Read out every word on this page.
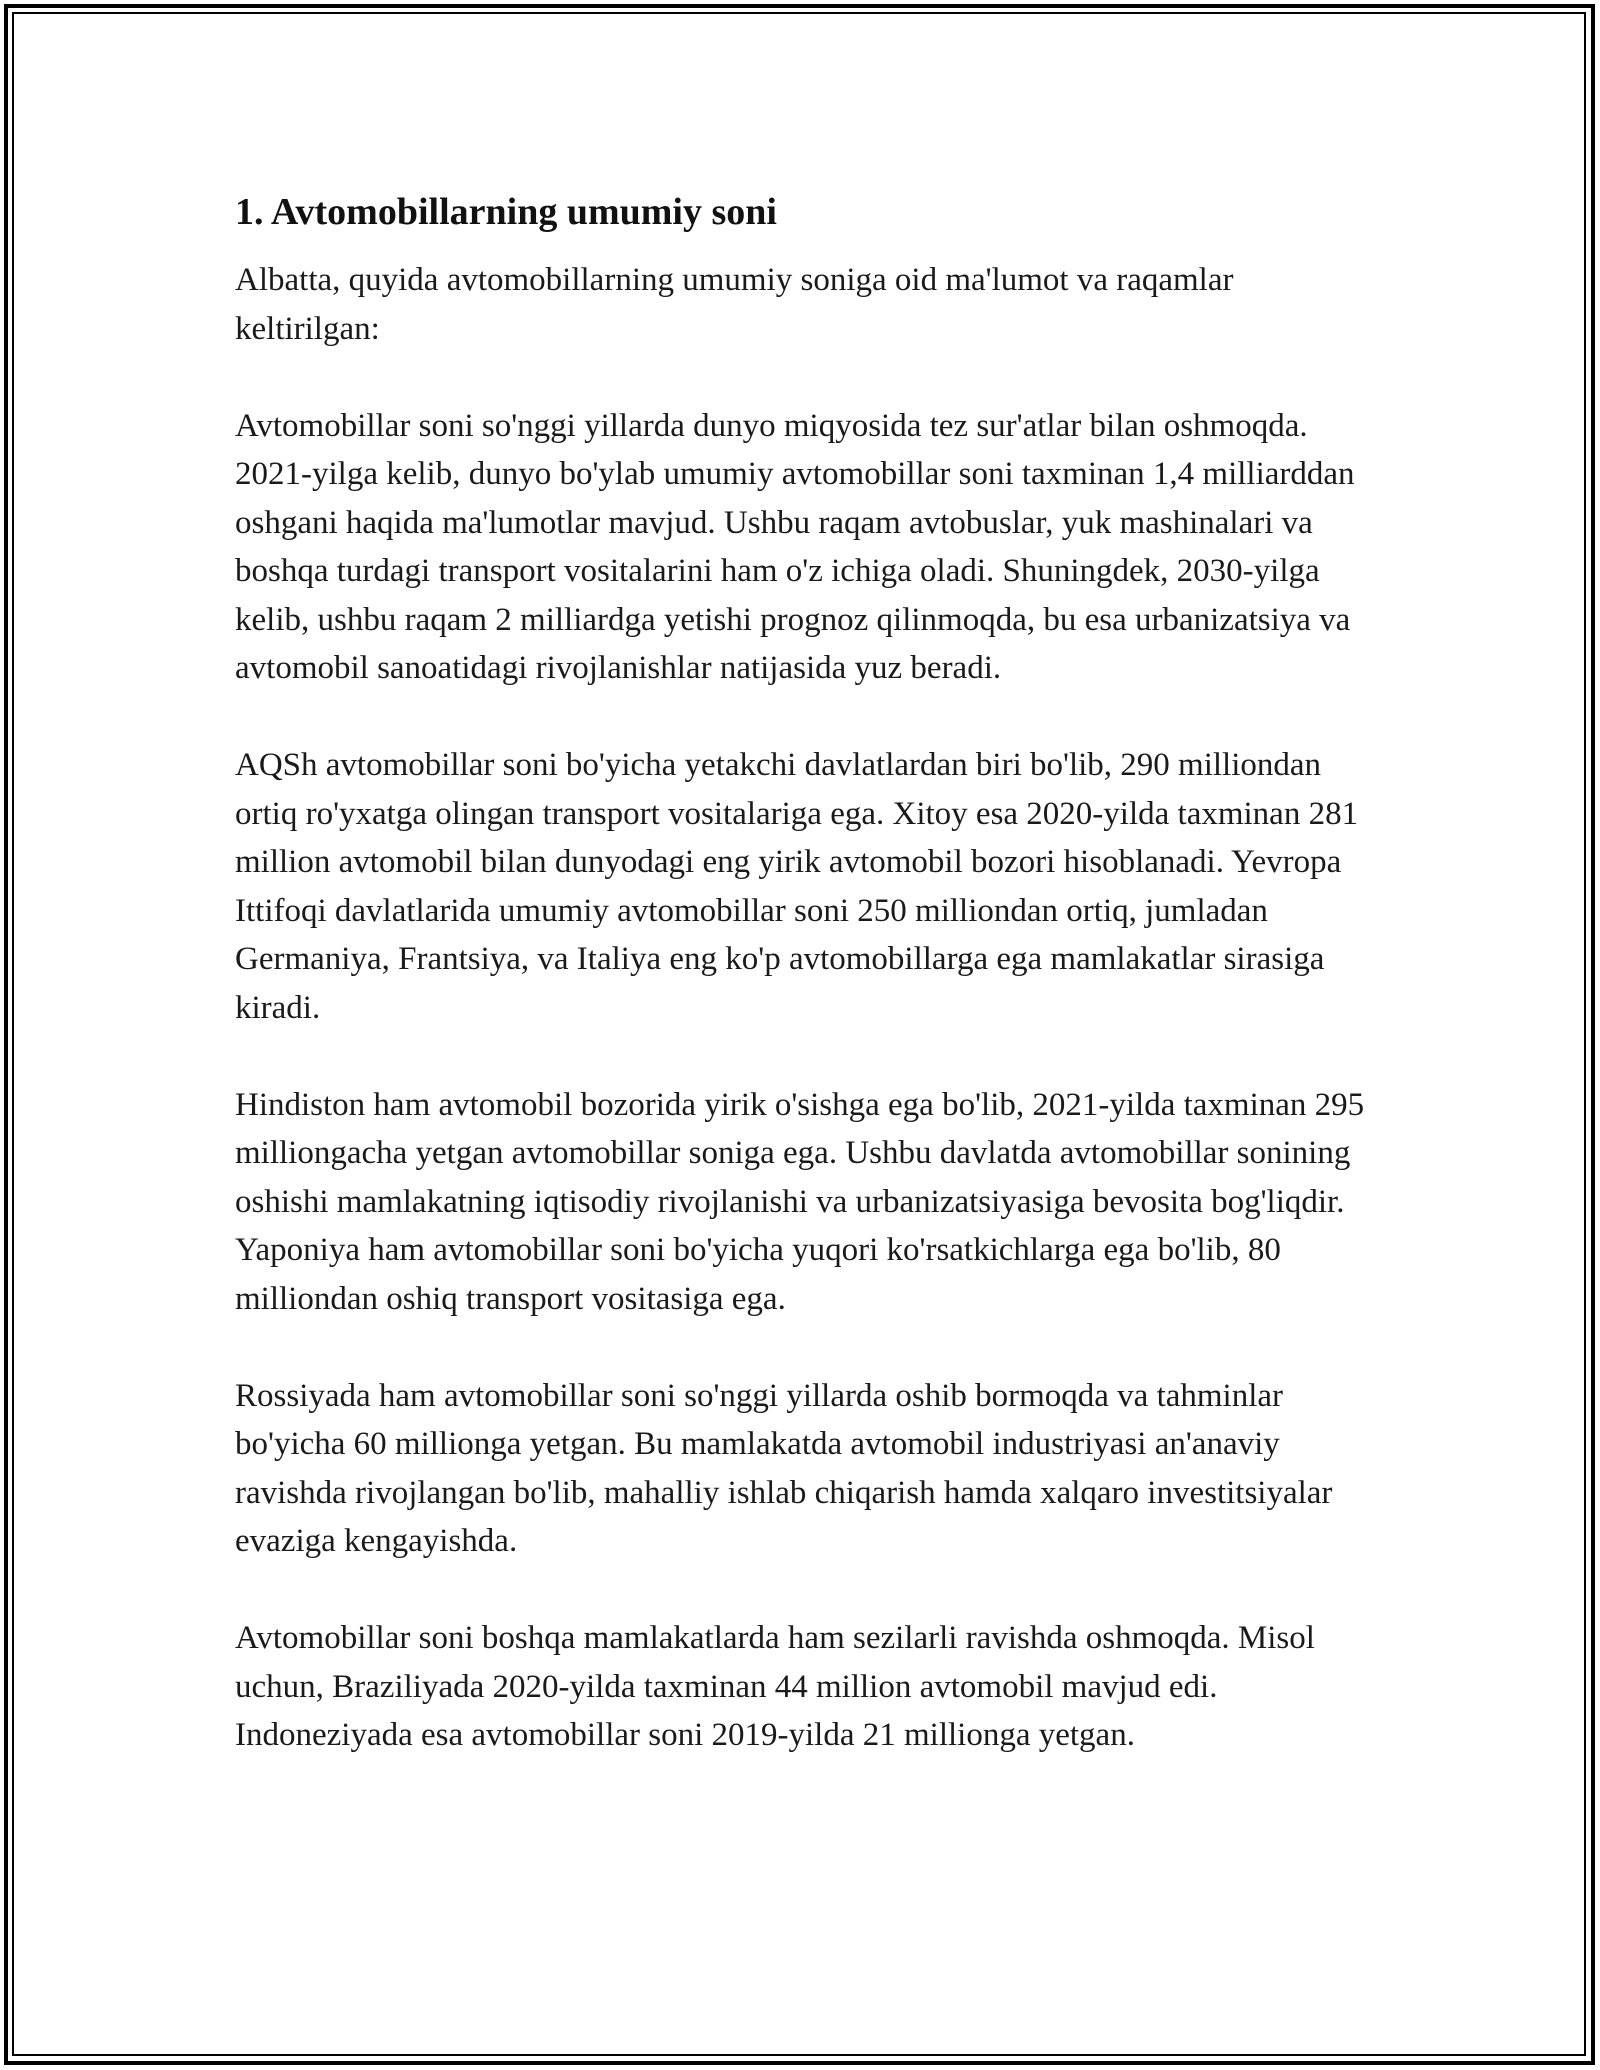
1. Avtomobillarning umumiy soni

Albatta, quyida avtomobillarning umumiy soniga oid ma'lumot va raqamlar keltirilgan:

Avtomobillar soni so'nggi yillarda dunyo miqyosida tez sur'atlar bilan oshmoqda. 2021-yilga kelib, dunyo bo'ylab umumiy avtomobillar soni taxminan 1,4 milliarddan oshgani haqida ma'lumotlar mavjud. Ushbu raqam avtobuslar, yuk mashinalari va boshqa turdagi transport vositalarini ham o'z ichiga oladi. Shuningdek, 2030-yilga kelib, ushbu raqam 2 milliardga yetishi prognoz qilinmoqda, bu esa urbanizatsiya va avtomobil sanoatidagi rivojlanishlar natijasida yuz beradi.

AQSh avtomobillar soni bo'yicha yetakchi davlatlardan biri bo'lib, 290 milliondan ortiq ro'yxatga olingan transport vositalariga ega. Xitoy esa 2020-yilda taxminan 281 million avtomobil bilan dunyodagi eng yirik avtomobil bozori hisoblanadi. Yevropa Ittifoqi davlatlarida umumiy avtomobillar soni 250 milliondan ortiq, jumladan Germaniya, Frantsiya, va Italiya eng ko'p avtomobillarga ega mamlakatlar sirasiga kiradi.

Hindiston ham avtomobil bozorida yirik o'sishga ega bo'lib, 2021-yilda taxminan 295 milliongacha yetgan avtomobillar soniga ega. Ushbu davlatda avtomobillar sonining oshishi mamlakatning iqtisodiy rivojlanishi va urbanizatsiyasiga bevosita bog'liqdir. Yaponiya ham avtomobillar soni bo'yicha yuqori ko'rsatkichlarga ega bo'lib, 80 milliondan oshiq transport vositasiga ega.

Rossiyada ham avtomobillar soni so'nggi yillarda oshib bormoqda va tahminlar bo'yicha 60 millionga yetgan. Bu mamlakatda avtomobil industriyasi an'anaviy ravishda rivojlangan bo'lib, mahalliy ishlab chiqarish hamda xalqaro investitsiyalar evaziga kengayishda.

Avtomobillar soni boshqa mamlakatlarda ham sezilarli ravishda oshmoqda. Misol uchun, Braziliyada 2020-yilda taxminan 44 million avtomobil mavjud edi. Indoneziyada esa avtomobillar soni 2019-yilda 21 millionga yetgan.
